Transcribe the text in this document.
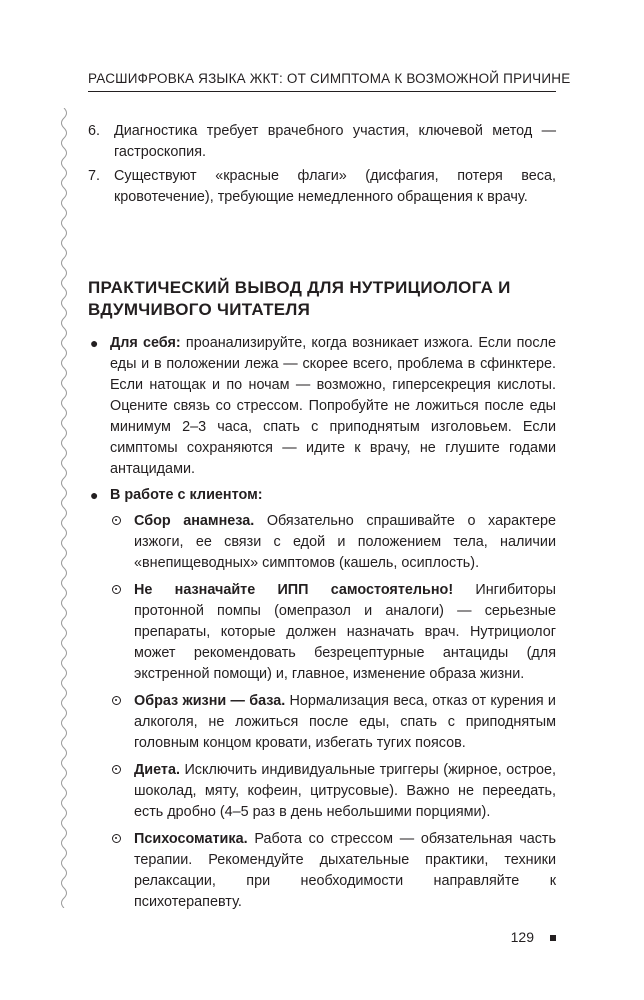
РАСШИФРОВКА ЯЗЫКА ЖКТ: ОТ СИМПТОМА К ВОЗМОЖНОЙ ПРИЧИНЕ
6. Диагностика требует врачебного участия, ключевой метод — гастроскопия.
7. Существуют «красные флаги» (дисфагия, потеря веса, кровотечение), требующие немедленного обращения к врачу.
ПРАКТИЧЕСКИЙ ВЫВОД ДЛЯ НУТРИЦИОЛОГА И ВДУМЧИВОГО ЧИТАТЕЛЯ
● Для себя: проанализируйте, когда возникает изжога. Если после еды и в положении лежа — скорее всего, проблема в сфинктере. Если натощак и по ночам — возможно, гиперсекреция кислоты. Оцените связь со стрессом. Попробуйте не ложиться после еды минимум 2–3 часа, спать с приподнятым изголовьем. Если симптомы сохраняются — идите к врачу, не глушите годами антацидами.
● В работе с клиентом:
Сбор анамнеза. Обязательно спрашивайте о характере изжоги, ее связи с едой и положением тела, наличии «внепищеводных» симптомов (кашель, осиплость).
Не назначайте ИПП самостоятельно! Ингибиторы протонной помпы (омепразол и аналоги) — серьезные препараты, которые должен назначать врач. Нутрициолог может рекомендовать безрецептурные антациды (для экстренной помощи) и, главное, изменение образа жизни.
Образ жизни — база. Нормализация веса, отказ от курения и алкоголя, не ложиться после еды, спать с приподнятым головным концом кровати, избегать тугих поясов.
Диета. Исключить индивидуальные триггеры (жирное, острое, шоколад, мяту, кофеин, цитрусовые). Важно не переедать, есть дробно (4–5 раз в день небольшими порциями).
Психосоматика. Работа со стрессом — обязательная часть терапии. Рекомендуйте дыхательные практики, техники релаксации, при необходимости направляйте к психотерапевту.
129
